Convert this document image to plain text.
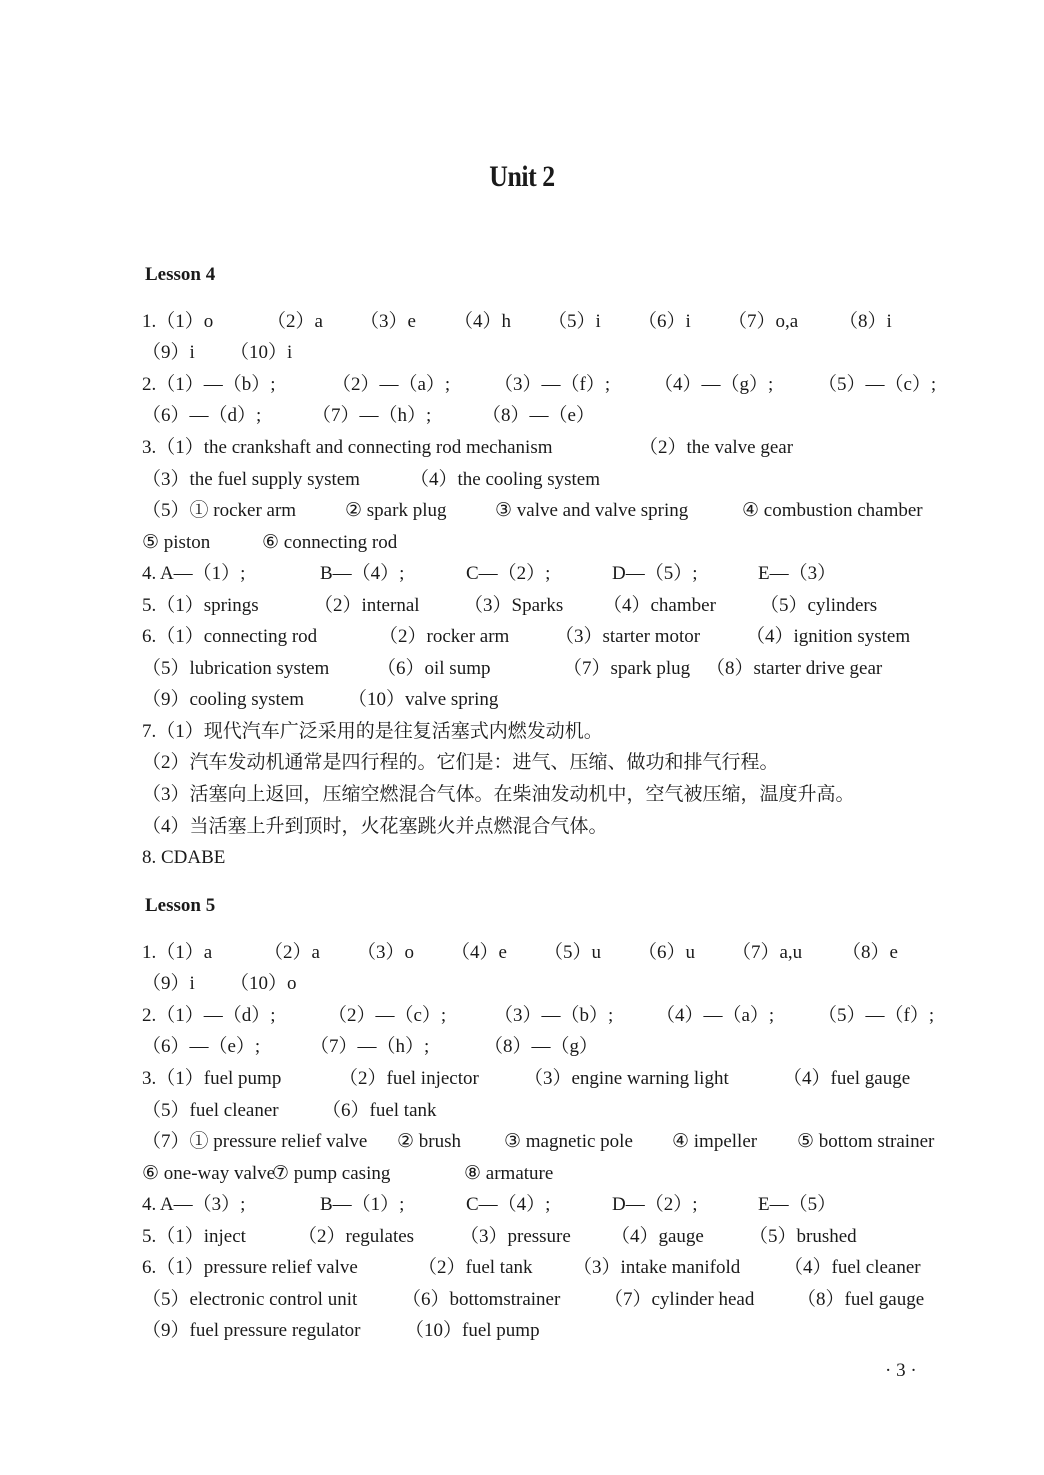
Unit 2
Lesson 4
1.（1）o	（2）a （3）e （4）h （5）i （6）i （7）o,a （8）i
（9）i （10）i
2.（1）—（b）;	（2）—（a）; （3）—（f）; （4）—（g）; （5）—（c）;
（6）—（d）;	（7）—（h）;	（8）—（e）
3.（1）the crankshaft and connecting rod mechanism	（2）the valve gear
（3）the fuel supply system	（4）the cooling system
（5）① rocker arm	② spark plug	③ valve and valve spring	④ combustion chamber
⑤ piston	⑥ connecting rod
4. A—（1）;	B—（4）;	C—（2）;	D—（5）;	E—（3）
5.（1）springs	（2）internal （3）Sparks （4）chamber （5）cylinders
6.（1）connecting rod	（2）rocker arm （3）starter motor （4）ignition system
（5）lubrication system	（6）oil sump	（7）spark plug （8）starter drive gear
（9）cooling system （10）valve spring
7.（1）现代汽车广泛采用的是往复活塞式内燃发动机。
（2）汽车发动机通常是四行程的。它们是：进气、压缩、做功和排气行程。
（3）活塞向上返回，压缩空燃混合气体。在柴油发动机中，空气被压缩，温度升高。
（4）当活塞上升到顶时，火花塞跳火并点燃混合气体。
8. CDABE
Lesson 5
1.（1）a	（2）a （3）o （4）e （5）u （6）u （7）a,u （8）e
（9）i （10）o
2.（1）—（d）;	（2）—（c）;	（3）—（b）; （4）—（a）; （5）—（f）;
（6）—（e）;	（7）—（h）;	（8）—（g）
3.（1）fuel pump	（2）fuel injector （3）engine warning light	（4）fuel gauge
（5）fuel cleaner （6）fuel tank
（7）① pressure relief valve ② brush ③ magnetic pole ④ impeller ⑤ bottom strainer
⑥ one-way valve
⑦ pump casing	⑧ armature
4. A—（3）;	B—（1）;	C—（4）;	D—（2）;	E—（5）
5.（1）inject	（2）regulates （3）pressure （4）gauge （5）brushed
6.（1）pressure relief valve	（2）fuel tank （3）intake manifold （4）fuel cleaner
（5）electronic control unit （6）bottomstrainer （7）cylinder head （8）fuel gauge
（9）fuel pressure regulator （10）fuel pump
· 3 ·
